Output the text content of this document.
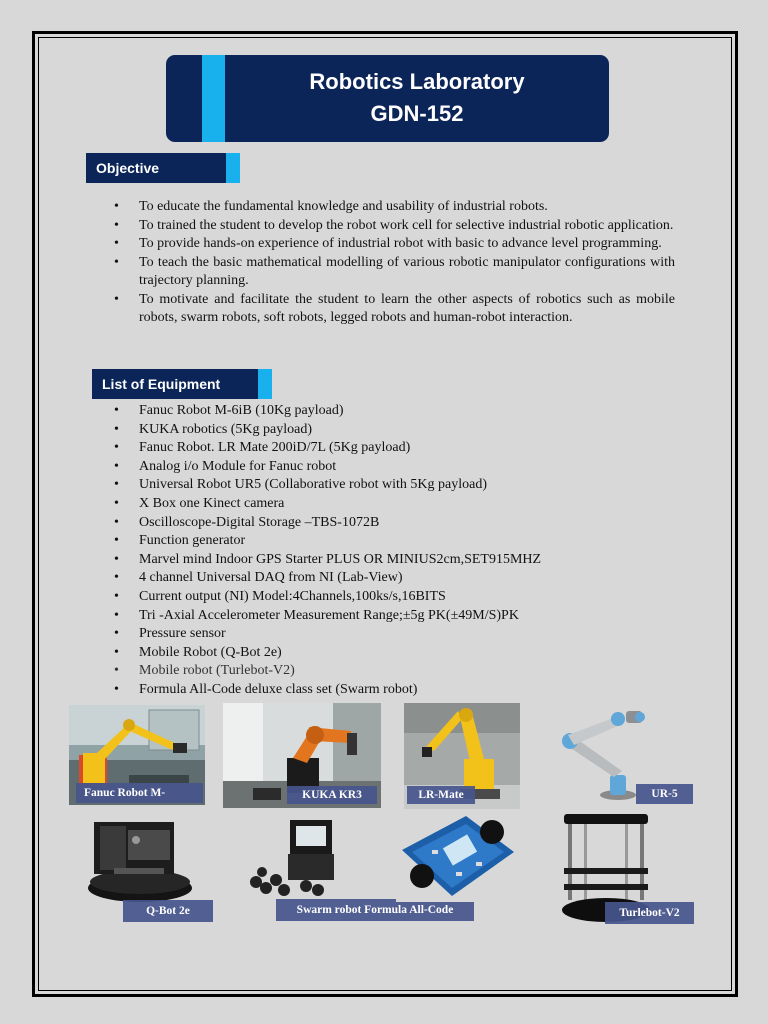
Robotics Laboratory
GDN-152
Objective
• To educate the fundamental knowledge and usability of industrial robots.
• To trained the student to develop the robot work cell for selective industrial robotic application.
• To provide hands-on experience of industrial robot with basic to advance level programming.
• To teach the basic mathematical modelling of various robotic manipulator configurations with trajectory planning.
• To motivate and facilitate the student to learn the other aspects of robotics such as mobile robots, swarm robots, soft robots, legged robots and human-robot interaction.
List of Equipment
• Fanuc Robot M-6iB (10Kg payload)
• KUKA robotics (5Kg payload)
• Fanuc Robot. LR Mate 200iD/7L (5Kg payload)
• Analog i/o Module for Fanuc robot
• Universal Robot UR5 (Collaborative robot with 5Kg payload)
• X Box one Kinect camera
• Oscilloscope-Digital Storage –TBS-1072B
• Function generator
• Marvel mind Indoor GPS Starter PLUS OR MINIUS2cm,SET915MHZ
• 4 channel Universal DAQ from NI (Lab-View)
• Current output (NI) Model:4Channels,100ks/s,16BITS
• Tri -Axial Accelerometer Measurement Range;±5g PK(±49M/S)PK
• Pressure sensor
• Mobile Robot (Q-Bot 2e)
• Mobile robot (Turlebot-V2)
• Formula All-Code deluxe class set (Swarm robot)
Fanuc Robot M-	KUKA KR3	LR-Mate	UR-5
Q-Bot 2e	Swarm robot Formula All-Code	Turlebot-V2
